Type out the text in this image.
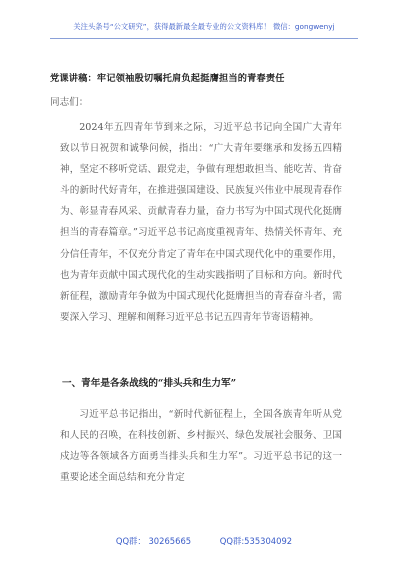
关注头条号“公文研究”，获得最新最全最专业的公文资料库！ 微信：gongwenyj
党课讲稿：牢记领袖殷切嘱托肩负起挺膺担当的青春责任
同志们：

2024年五四青年节到来之际，习近平总书记向全国广大青年致以节日祝贺和诚挚问候，指出：“广大青年要继承和发扬五四精神，坚定不移听党话、跟党走，争做有理想敢担当、能吃苦、肯奋斗的新时代好青年，在推进强国建设、民族复兴伟业中展现青春作为、彰显青春风采、贡献青春力量，奋力书写为中国式现代化挺膺担当的青春篇章。”习近平总书记高度重视青年、热情关怀青年、充分信任青年，不仅充分肯定了青年在中国式现代化中的重要作用，也为青年贡献中国式现代化的生动实践指明了目标和方向。新时代新征程，激励青年争做为中国式现代化挺膺担当的青春奋斗者，需要深入学习、理解和阐释习近平总书记五四青年节寄语精神。

一、青年是各条战线的“排头兵和生力军”

习近平总书记指出，“新时代新征程上，全国各族青年听从党和人民的召唤，在科技创新、乡村振兴、绿色发展社会服务、卫国戍边等各领域各方面勇当排头兵和生力军”。习近平总书记的这一重要论述全面总结和充分肯定

QQ群： 30265665	QQ群:535304092
